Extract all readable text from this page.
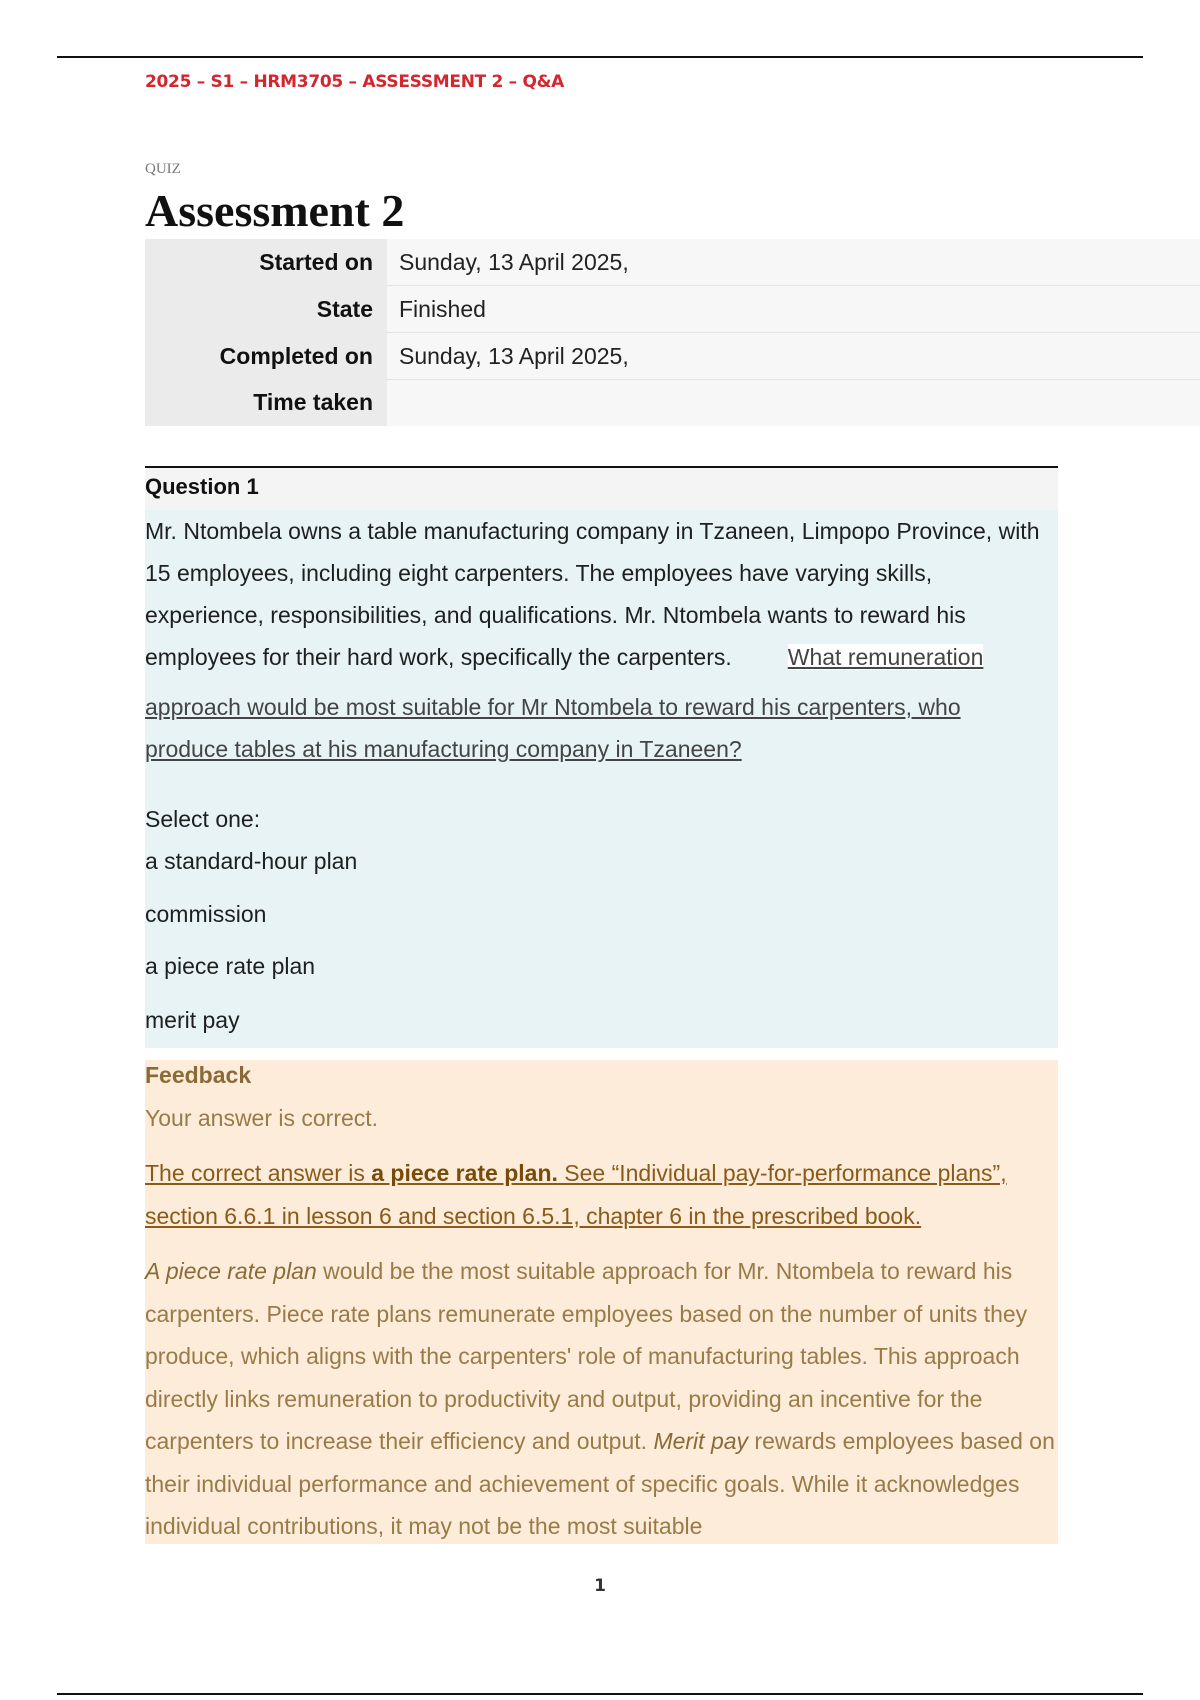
2025 – S1 – HRM3705 – ASSESSMENT 2 – Q&A
QUIZ
Assessment 2
Started on	Sunday, 13 April 2025,
State	Finished
Completed on	Sunday, 13 April 2025,
Time taken	
Question 1

Mr. Ntombela owns a table manufacturing company in Tzaneen, Limpopo Province, with 15 employees, including eight carpenters. The employees have varying skills, experience, responsibilities, and qualifications. Mr. Ntombela wants to reward his employees for their hard work, specifically the carpenters. What remuneration

approach would be most suitable for Mr Ntombela to reward his carpenters, who produce tables at his manufacturing company in Tzaneen?

Select one:

a standard-hour plan

commission

a piece rate plan

merit pay

Feedback

Your answer is correct.

The correct answer is a piece rate plan. See “Individual pay-for-performance plans”, section 6.6.1 in lesson 6 and section 6.5.1, chapter 6 in the prescribed book.

A piece rate plan would be the most suitable approach for Mr. Ntombela to reward his carpenters. Piece rate plans remunerate employees based on the number of units they produce, which aligns with the carpenters' role of manufacturing tables. This approach directly links remuneration to productivity and output, providing an incentive for the carpenters to increase their efficiency and output. Merit pay rewards employees based on their individual performance and achievement of specific goals. While it acknowledges individual contributions, it may not be the most suitable

1
